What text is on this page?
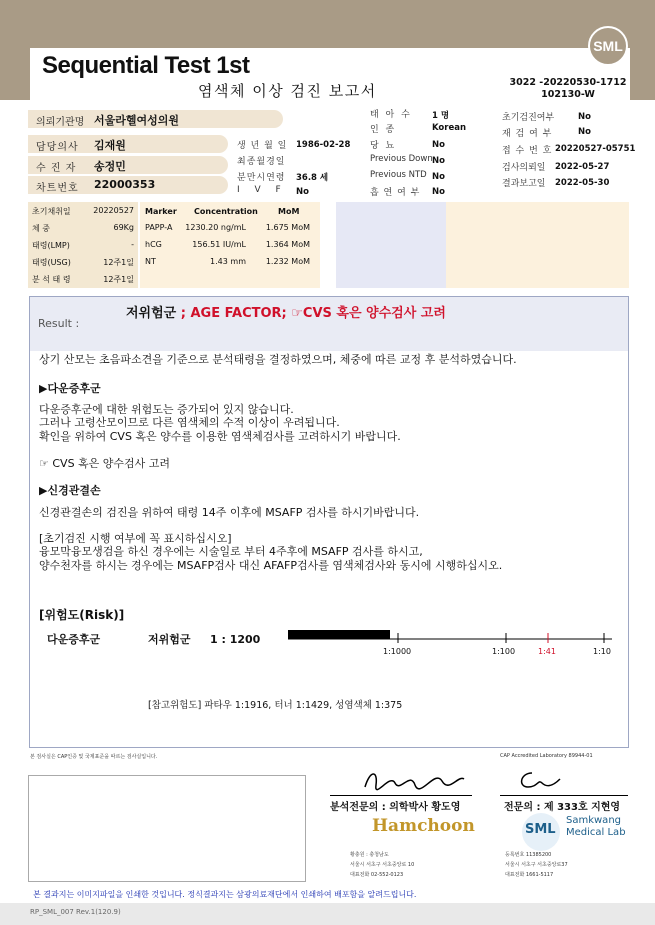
SML
Sequential Test 1st
염색체 이상 검진 보고서	3022 -20220530-1712
102130-W
의뢰기관명 서울라헬여성의원
담당의사 김재원
수 진 자 송정민
차트번호 22000353
생 년 월 일 1986-02-28
최종월경일
분만시연령 36.8 세
I V F No
태 아 수 1 명
인 종	Korean
당 뇨	No
Previous Down No
Previous NTD No
흡 연 여 부 No
초기검진여부	No
재 검 여 부	No
접 수 번 호 20220527-05751
검사의뢰일 2022-05-27
결과보고일 2022-05-30
초기채취일	20220527
체 중	69Kg
태령(LMP)	-
태령(USG)	12주1일
분 석 태 령	12주1일
Marker Concentration	MoM
PAPP-A	1230.20 ng/mL	1.675 MoM
hCG	156.51 IU/mL	1.364 MoM
NT	1.43 mm	1.232 MoM
Result :
저위험군 ; AGE FACTOR; ☞CVS 혹은 양수검사 고려
상기 산모는 초음파소견을 기준으로 분석태령을 결정하였으며, 체중에 따른 교정 후 분석하였습니다.
▶다운증후군
다운증후군에 대한 위험도는 증가되어 있지 않습니다.
그러나 고령산모이므로 다른 염색체의 수적 이상이 우려됩니다.
확인을 위하여 CVS 혹은 양수를 이용한 염색체검사를 고려하시기 바랍니다.
☞ CVS 혹은 양수검사 고려
▶신경관결손
신경관결손의 검진을 위하여 태령 14주 이후에 MSAFP 검사를 하시기바랍니다.
[초기검진 시행 여부에 꼭 표시하십시오]
융모막융모생검을 하신 경우에는 시술일로 부터 4주후에 MSAFP 검사를 하시고,
양수천자를 하시는 경우에는 MSAFP검사 대신 AFAFP검사를 염색체검사와 동시에 시행하십시오.
[위험도(Risk)]
다운증후군	저위험군 1 : 1200
1:1000	1:100	1:41	1:10
[참고위험도] 파타우 1:1916, 터너 1:1429, 성염색체 1:375
본 검사실은 CAP인증 및 국제표준을 따르는 검사실입니다.	CAP Accredited Laboratory 89944-01
분석전문의 : 의학박사 황도영	전문의 : 제 333호 지현영
Hamchoon	SML
Samkwang
Medical Lab
황충원 : 충청남도
서울시 서초구 서초중앙로 10
대표전화 02-552-0123
등록번호 11385200
서울시 서초구 서초중앙로37
대표전화 1661-5117
본 결과지는 이미지파일을 인쇄한 것입니다. 정식결과지는 삼광의료재단에서 인쇄하여 배포함을 알려드립니다.
RP_SML_007 Rev.1(120.9)
